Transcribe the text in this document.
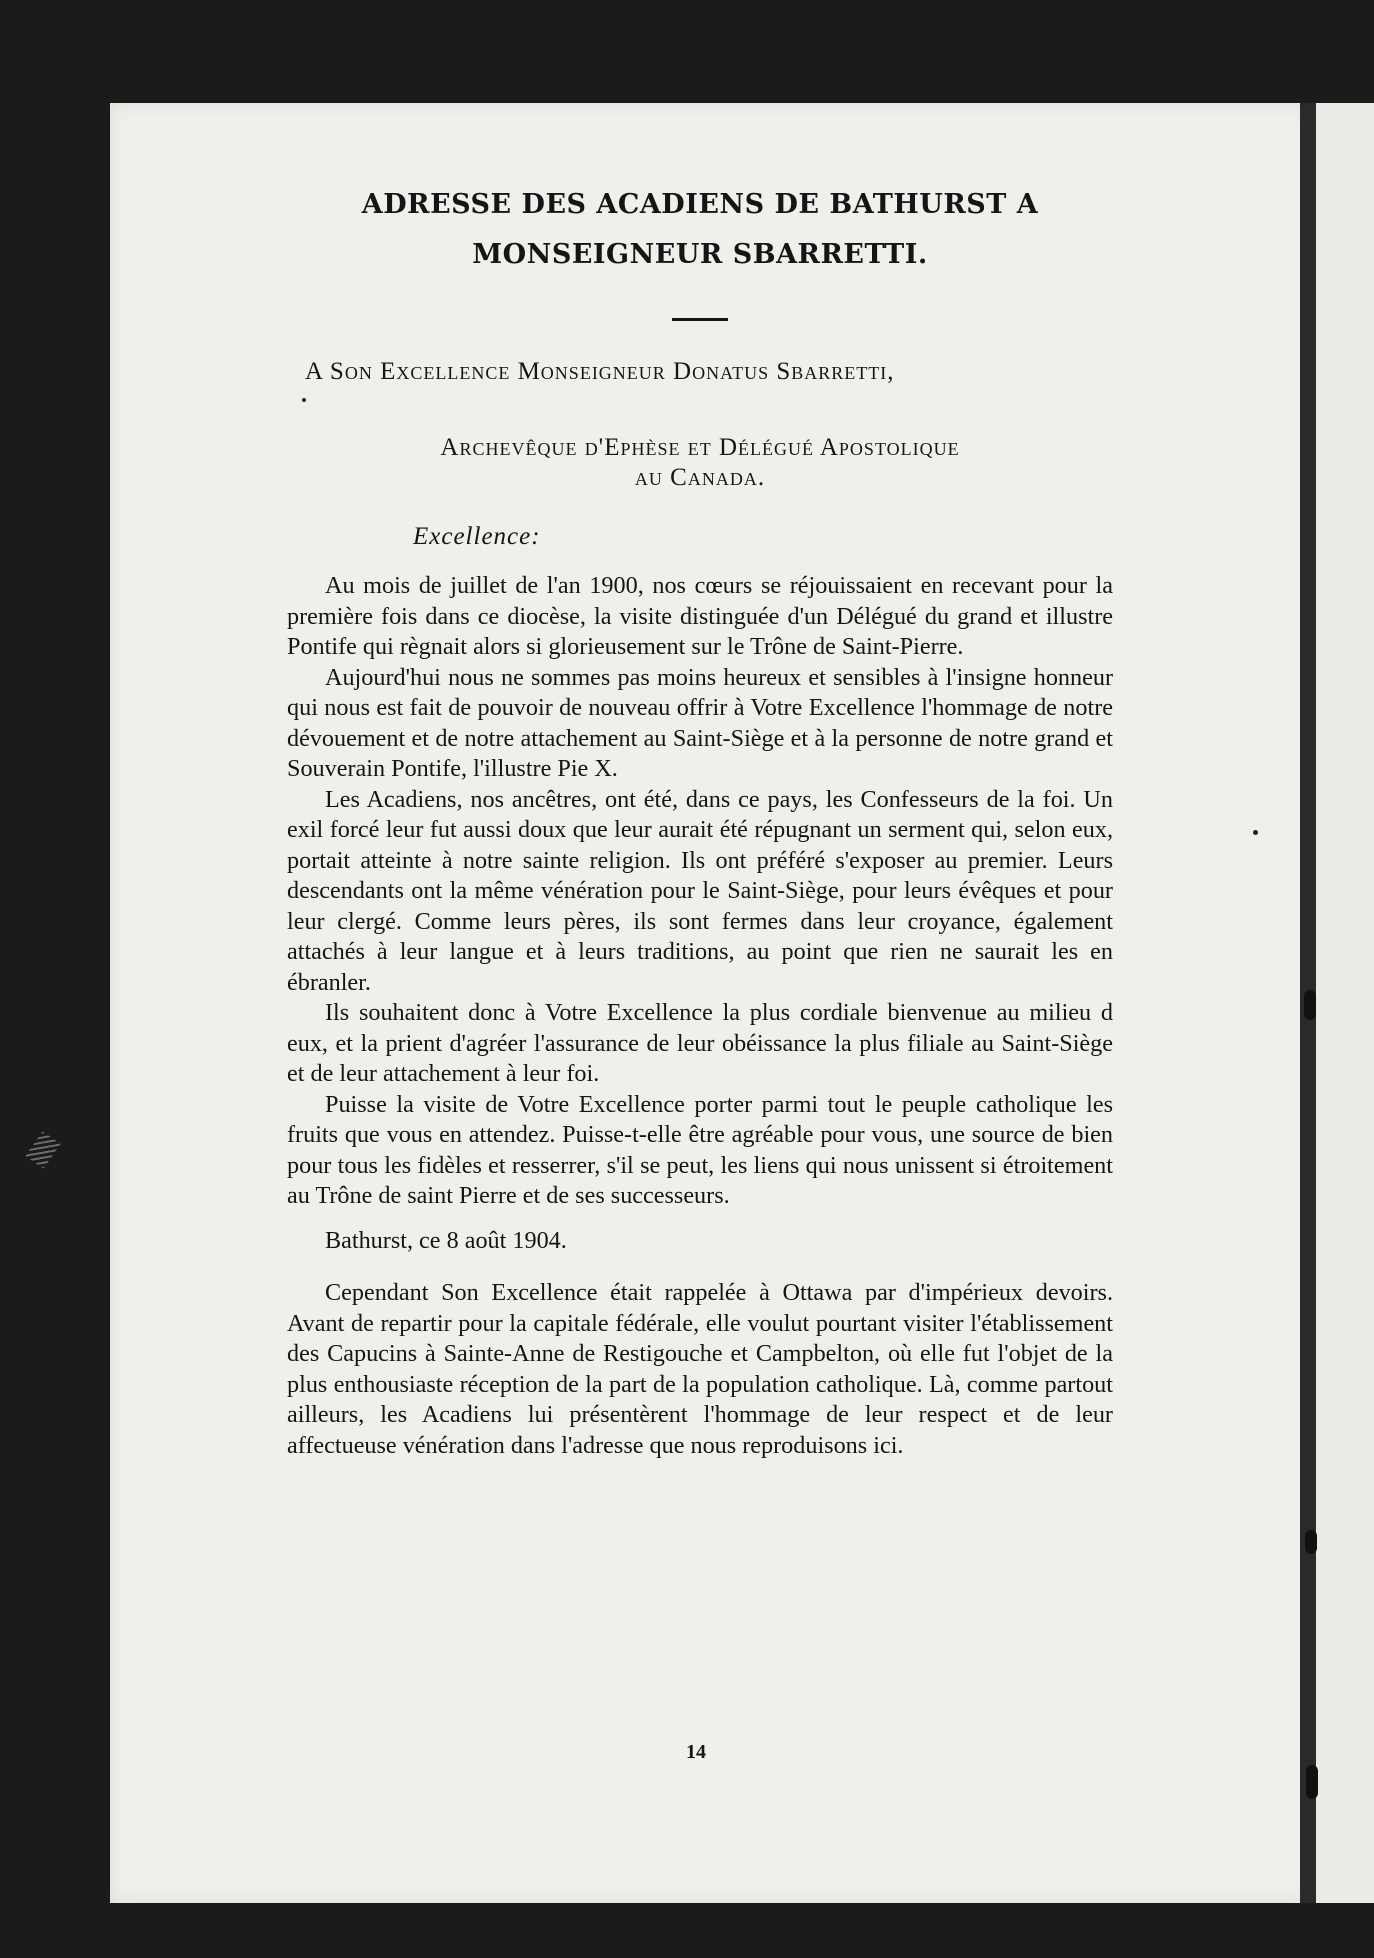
ADRESSE DES ACADIENS DE BATHURST A
MONSEIGNEUR SBARRETTI.
A Son Excellence Monseigneur Donatus Sbarretti,
Archevêque d'Ephèse et Délégué Apostolique
au Canada.
Excellence:

Au mois de juillet de l'an 1900, nos cœurs se réjouissaient en recevant pour la première fois dans ce diocèse, la visite distinguée d'un Délégué du grand et illustre Pontife qui règnait alors si glorieusement sur le Trône de Saint-Pierre.

Aujourd'hui nous ne sommes pas moins heureux et sensibles à l'insigne honneur qui nous est fait de pouvoir de nouveau offrir à Votre Excellence l'hommage de notre dévouement et de notre attachement au Saint-Siège et à la personne de notre grand et Souverain Pontife, l'illustre Pie X.

Les Acadiens, nos ancêtres, ont été, dans ce pays, les Confesseurs de la foi. Un exil forcé leur fut aussi doux que leur aurait été répugnant un serment qui, selon eux, portait atteinte à notre sainte religion. Ils ont préféré s'exposer au premier. Leurs descendants ont la même vénération pour le Saint-Siège, pour leurs évêques et pour leur clergé. Comme leurs pères, ils sont fermes dans leur croyance, également attachés à leur langue et à leurs traditions, au point que rien ne saurait les en ébranler.

Ils souhaitent donc à Votre Excellence la plus cordiale bienvenue au milieu d eux, et la prient d'agréer l'assurance de leur obéissance la plus filiale au Saint-Siège et de leur attachement à leur foi.

Puisse la visite de Votre Excellence porter parmi tout le peuple catholique les fruits que vous en attendez. Puisse-t-elle être agréable pour vous, une source de bien pour tous les fidèles et resserrer, s'il se peut, les liens qui nous unissent si étroitement au Trône de saint Pierre et de ses successeurs.

Bathurst, ce 8 août 1904.

Cependant Son Excellence était rappelée à Ottawa par d'impérieux devoirs. Avant de repartir pour la capitale fédérale, elle voulut pourtant visiter l'établissement des Capucins à Sainte-Anne de Restigouche et Campbelton, où elle fut l'objet de la plus enthousiaste réception de la part de la population catholique. Là, comme partout ailleurs, les Acadiens lui présentèrent l'hommage de leur respect et de leur affectueuse vénération dans l'adresse que nous reproduisons ici.

14
